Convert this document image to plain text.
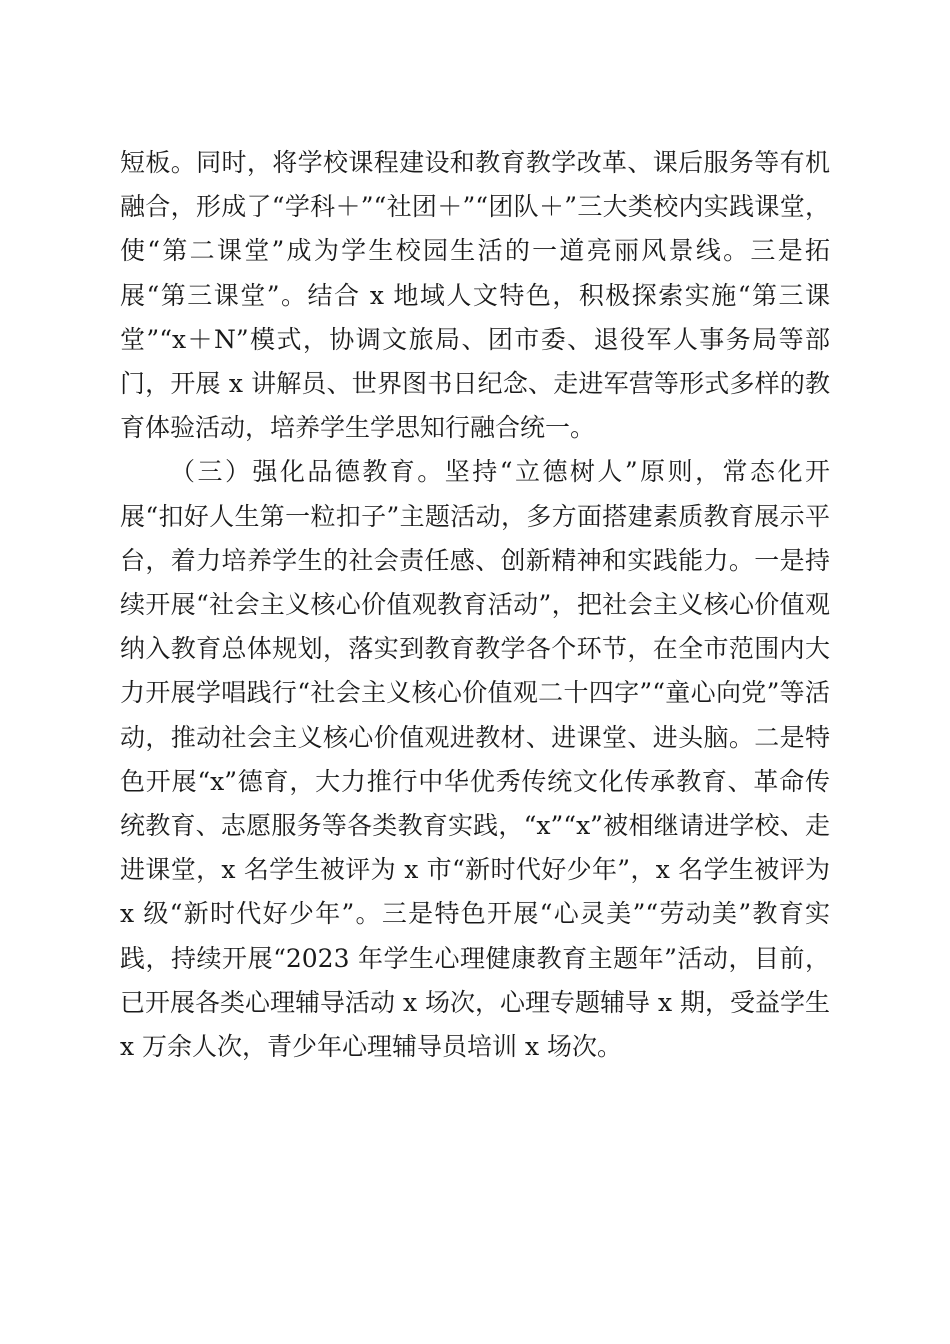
短板。同时，将学校课程建设和教育教学改革、课后服务等有机融合，形成了“学科＋”“社团＋”“团队＋”三大类校内实践课堂，使“第二课堂”成为学生校园生活的一道亮丽风景线。三是拓展“第三课堂”。结合 x 地域人文特色，积极探索实施“第三课堂”“x＋N”模式，协调文旅局、团市委、退役军人事务局等部门，开展 x 讲解员、世界图书日纪念、走进军营等形式多样的教育体验活动，培养学生学思知行融合统一。

（三）强化品德教育。坚持“立德树人”原则，常态化开展“扣好人生第一粒扣子”主题活动，多方面搭建素质教育展示平台，着力培养学生的社会责任感、创新精神和实践能力。一是持续开展“社会主义核心价值观教育活动”，把社会主义核心价值观纳入教育总体规划，落实到教育教学各个环节，在全市范围内大力开展学唱践行“社会主义核心价值观二十四字”“童心向党”等活动，推动社会主义核心价值观进教材、进课堂、进头脑。二是特色开展“x”德育，大力推行中华优秀传统文化传承教育、革命传统教育、志愿服务等各类教育实践，“x”“x”被相继请进学校、走进课堂，x 名学生被评为 x 市“新时代好少年”，x 名学生被评为 x 级“新时代好少年”。三是特色开展“心灵美”“劳动美”教育实践，持续开展“2023 年学生心理健康教育主题年”活动，目前，已开展各类心理辅导活动 x 场次，心理专题辅导 x 期，受益学生 x 万余人次，青少年心理辅导员培训 x 场次。
